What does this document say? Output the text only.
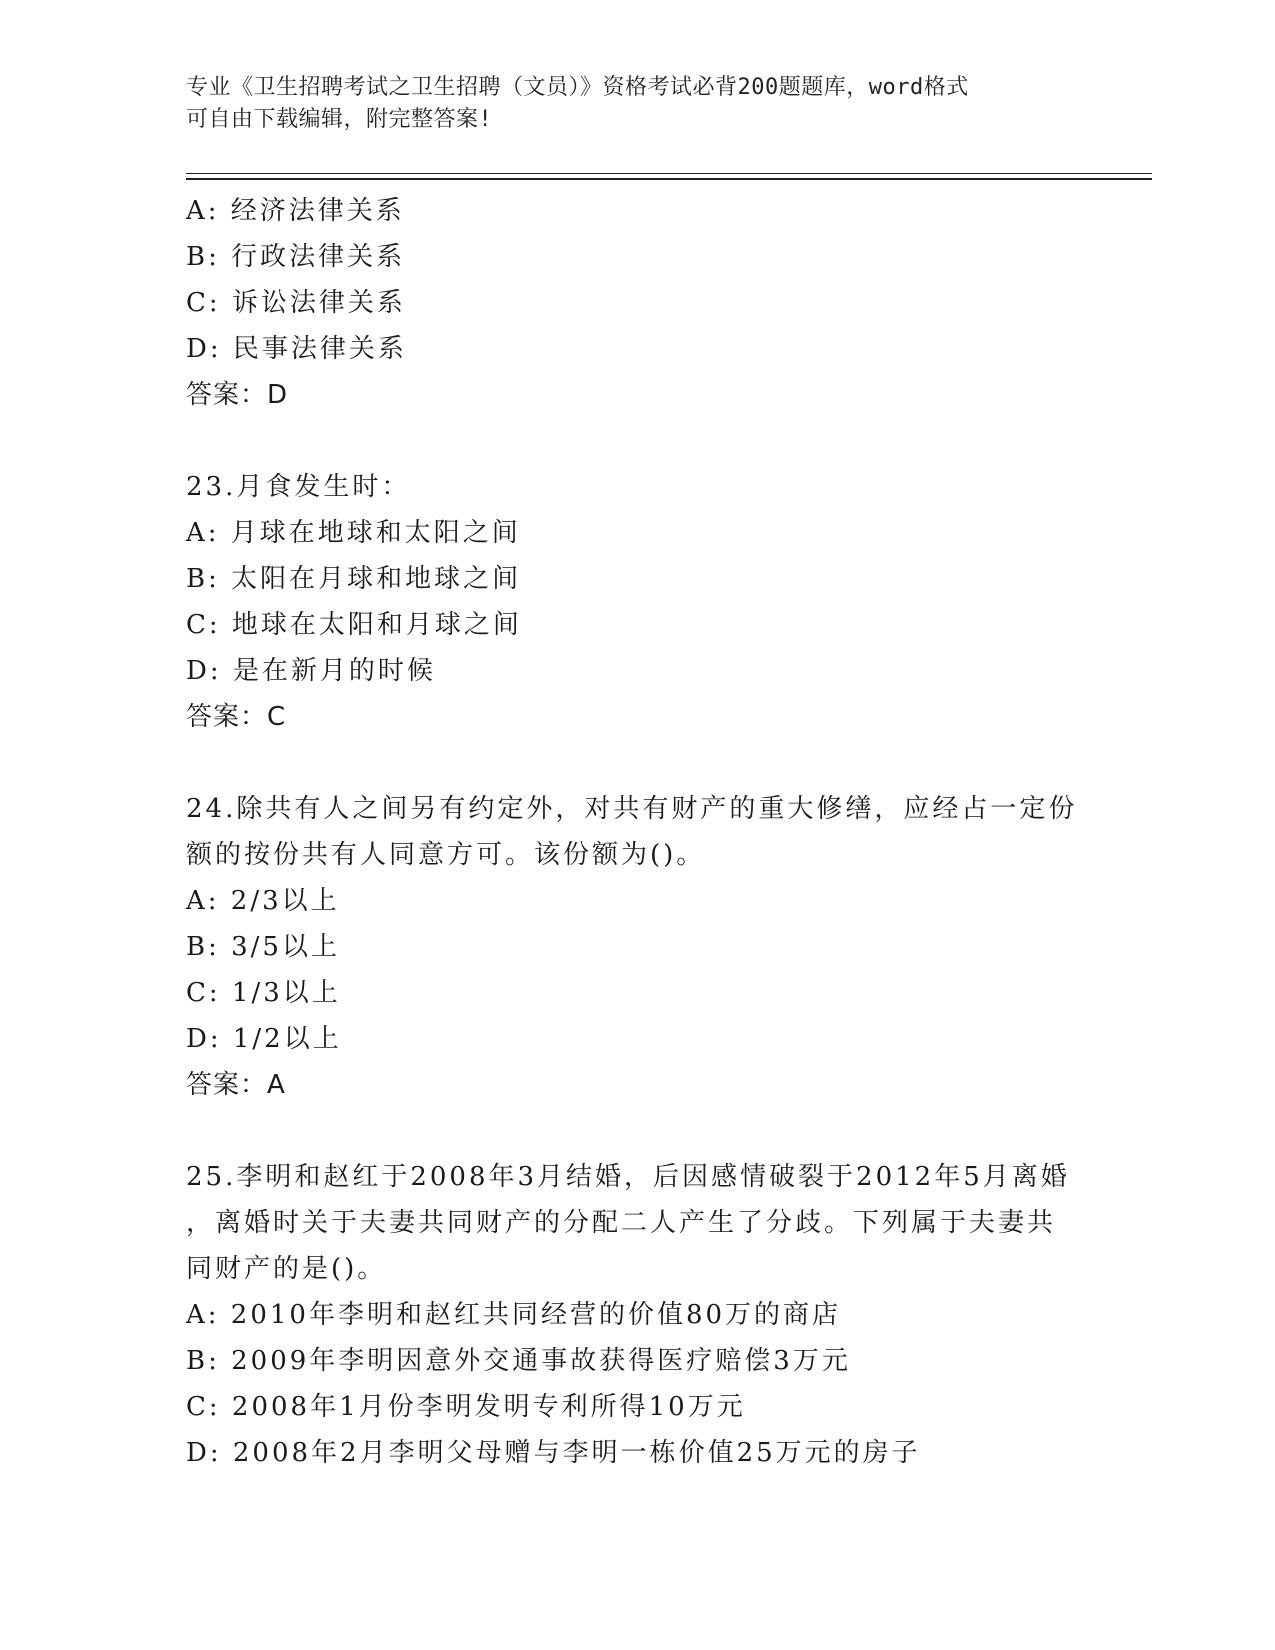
专业《卫生招聘考试之卫生招聘（文员）》资格考试必背200题题库，word格式
可自由下载编辑，附完整答案!
A: 经济法律关系
B: 行政法律关系
C: 诉讼法律关系
D: 民事法律关系
答案：D
23.月食发生时：
A: 月球在地球和太阳之间
B: 太阳在月球和地球之间
C: 地球在太阳和月球之间
D: 是在新月的时候
答案：C
24.除共有人之间另有约定外，对共有财产的重大修缮，应经占一定份
额的按份共有人同意方可。该份额为()。
A: 2/3以上
B: 3/5以上
C: 1/3以上
D: 1/2以上
答案：A
25.李明和赵红于2008年3月结婚，后因感情破裂于2012年5月离婚
，离婚时关于夫妻共同财产的分配二人产生了分歧。下列属于夫妻共
同财产的是()。
A: 2010年李明和赵红共同经营的价值80万的商店
B: 2009年李明因意外交通事故获得医疗赔偿3万元
C: 2008年1月份李明发明专利所得10万元
D: 2008年2月李明父母赠与李明一栋价值25万元的房子
